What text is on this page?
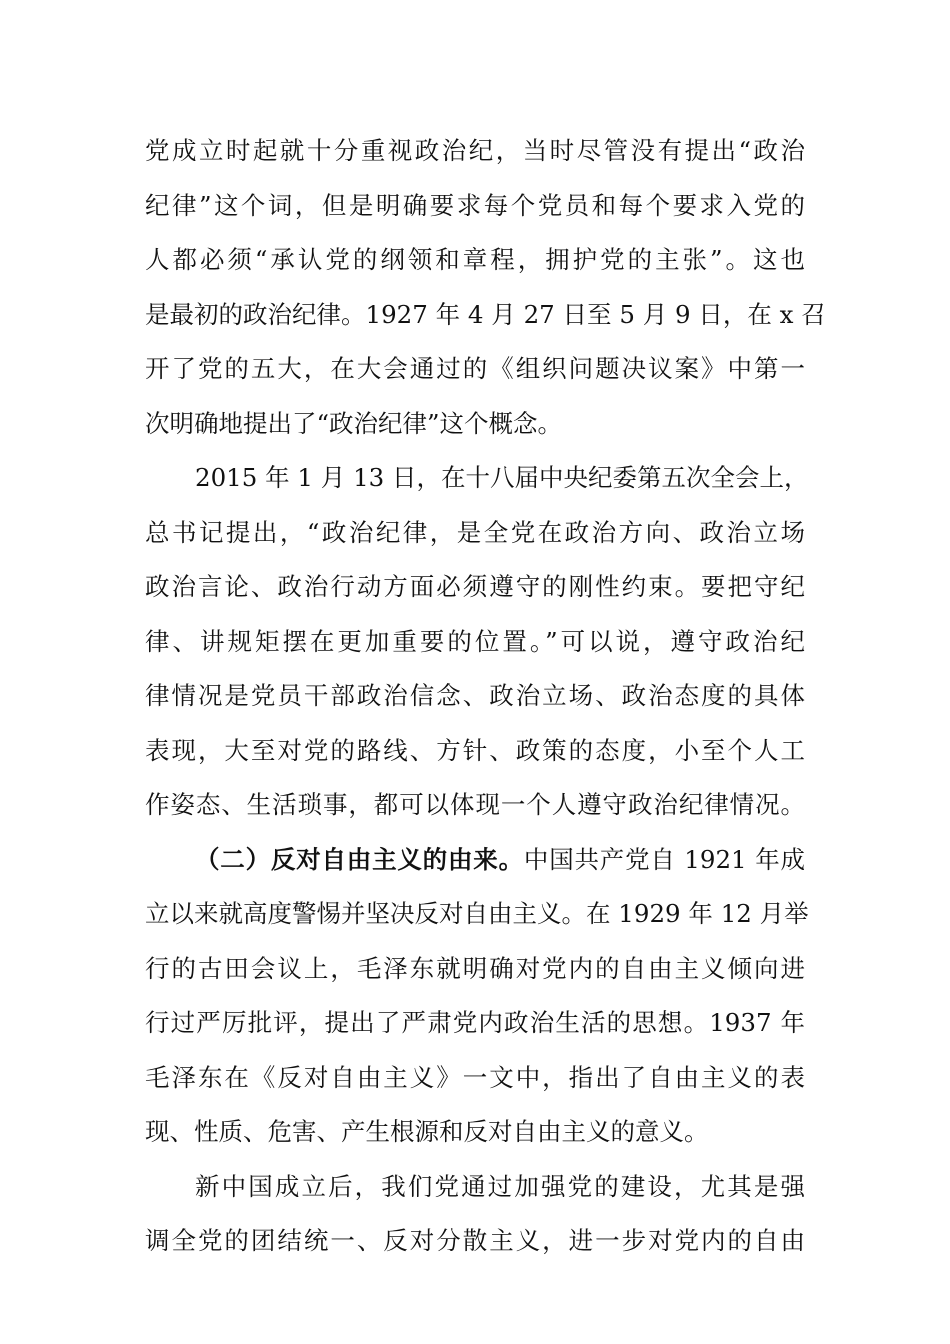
党成立时起就十分重视政治纪，当时尽管没有提出“政治
纪律”这个词，但是明确要求每个党员和每个要求入党的
人都必须“承认党的纲领和章程，拥护党的主张”。这也
是最初的政治纪律。1927 年 4 月 27 日至 5 月 9 日，在 x 召
开了党的五大，在大会通过的《组织问题决议案》中第一
次明确地提出了“政治纪律”这个概念。
2015 年 1 月 13 日，在十八届中央纪委第五次全会上，
总书记提出，“政治纪律，是全党在政治方向、政治立场
政治言论、政治行动方面必须遵守的刚性约束。要把守纪
律、讲规矩摆在更加重要的位置。”可以说，遵守政治纪
律情况是党员干部政治信念、政治立场、政治态度的具体
表现，大至对党的路线、方针、政策的态度，小至个人工
作姿态、生活琐事，都可以体现一个人遵守政治纪律情况。
（二）反对自由主义的由来。中国共产党自 1921 年成
立以来就高度警惕并坚决反对自由主义。在 1929 年 12 月举
行的古田会议上，毛泽东就明确对党内的自由主义倾向进
行过严厉批评，提出了严肃党内政治生活的思想。1937 年
毛泽东在《反对自由主义》一文中，指出了自由主义的表
现、性质、危害、产生根源和反对自由主义的意义。
新中国成立后，我们党通过加强党的建设，尤其是强
调全党的团结统一、反对分散主义，进一步对党内的自由
